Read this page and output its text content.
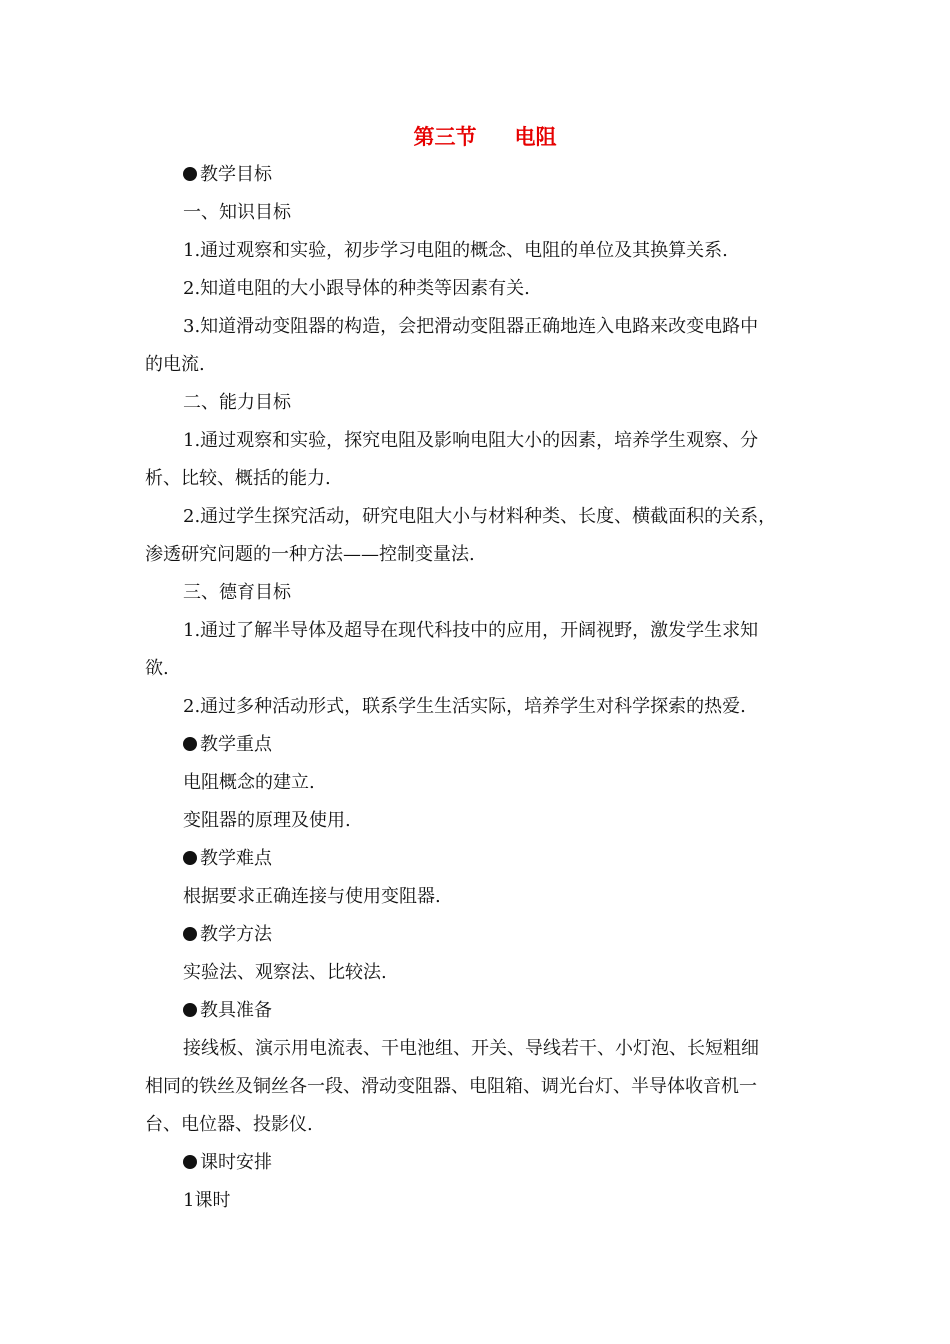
第三节 电阻
教学目标
一、知识目标
1.通过观察和实验，初步学习电阻的概念、电阻的单位及其换算关系.
2.知道电阻的大小跟导体的种类等因素有关.
3.知道滑动变阻器的构造，会把滑动变阻器正确地连入电路来改变电路中
的电流.
二、能力目标
1.通过观察和实验，探究电阻及影响电阻大小的因素，培养学生观察、分
析、比较、概括的能力.
2.通过学生探究活动，研究电阻大小与材料种类、长度、横截面积的关系，
渗透研究问题的一种方法——控制变量法.
三、德育目标
1.通过了解半导体及超导在现代科技中的应用，开阔视野，激发学生求知
欲.
2.通过多种活动形式，联系学生生活实际，培养学生对科学探索的热爱.
教学重点
电阻概念的建立.
变阻器的原理及使用.
教学难点
根据要求正确连接与使用变阻器.
教学方法
实验法、观察法、比较法.
教具准备
接线板、演示用电流表、干电池组、开关、导线若干、小灯泡、长短粗细
相同的铁丝及铜丝各一段、滑动变阻器、电阻箱、调光台灯、半导体收音机一
台、电位器、投影仪.
课时安排
1课时
